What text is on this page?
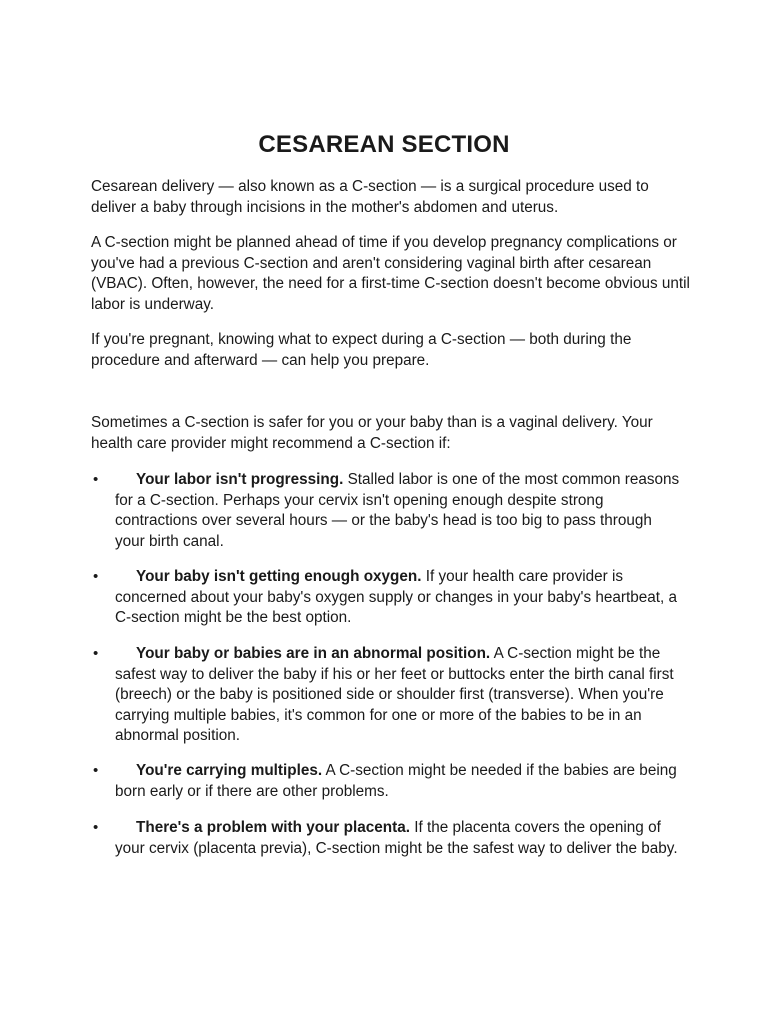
CESAREAN SECTION

Cesarean delivery — also known as a C-section — is a surgical procedure used to deliver a baby through incisions in the mother's abdomen and uterus.

A C-section might be planned ahead of time if you develop pregnancy complications or you've had a previous C-section and aren't considering vaginal birth after cesarean (VBAC). Often, however, the need for a first-time C-section doesn't become obvious until labor is underway.

If you're pregnant, knowing what to expect during a C-section — both during the procedure and afterward — can help you prepare.

Sometimes a C-section is safer for you or your baby than is a vaginal delivery. Your health care provider might recommend a C-section if:

• Your labor isn't progressing. Stalled labor is one of the most common reasons for a C-section. Perhaps your cervix isn't opening enough despite strong contractions over several hours — or the baby's head is too big to pass through your birth canal.
• Your baby isn't getting enough oxygen. If your health care provider is concerned about your baby's oxygen supply or changes in your baby's heartbeat, a C-section might be the best option.
• Your baby or babies are in an abnormal position. A C-section might be the safest way to deliver the baby if his or her feet or buttocks enter the birth canal first (breech) or the baby is positioned side or shoulder first (transverse). When you're carrying multiple babies, it's common for one or more of the babies to be in an abnormal position.
• You're carrying multiples. A C-section might be needed if the babies are being born early or if there are other problems.
• There's a problem with your placenta. If the placenta covers the opening of your cervix (placenta previa), C-section might be the safest way to deliver the baby.
